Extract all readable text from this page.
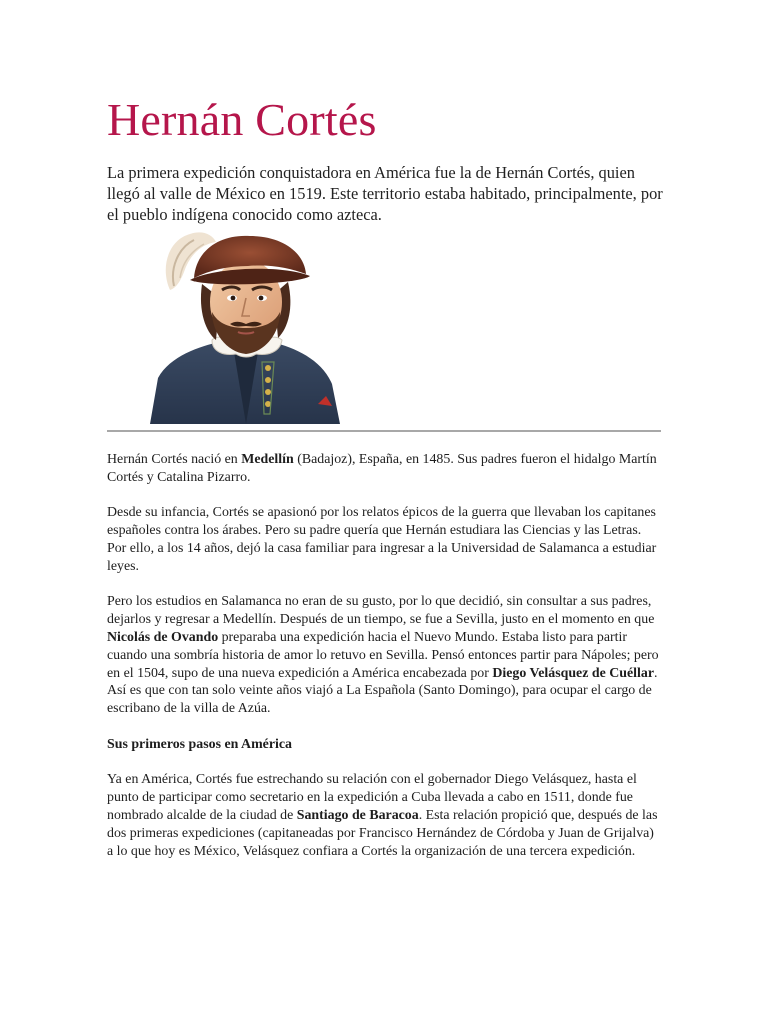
Hernán Cortés

La primera expedición conquistadora en América fue la de Hernán Cortés, quien llegó al valle de México en 1519. Este territorio estaba habitado, principalmente, por el pueblo indígena conocido como azteca.

Hernán Cortés nació en Medellín (Badajoz), España, en 1485. Sus padres fueron el hidalgo Martín Cortés y Catalina Pizarro.

Desde su infancia, Cortés se apasionó por los relatos épicos de la guerra que llevaban los capitanes españoles contra los árabes. Pero su padre quería que Hernán estudiara las Ciencias y las Letras. Por ello, a los 14 años, dejó la casa familiar para ingresar a la Universidad de Salamanca a estudiar leyes.

Pero los estudios en Salamanca no eran de su gusto, por lo que decidió, sin consultar a sus padres, dejarlos y regresar a Medellín. Después de un tiempo, se fue a Sevilla, justo en el momento en que Nicolás de Ovando preparaba una expedición hacia el Nuevo Mundo. Estaba listo para partir cuando una sombría historia de amor lo retuvo en Sevilla. Pensó entonces partir para Nápoles; pero en el 1504, supo de una nueva expedición a América encabezada por Diego Velásquez de Cuéllar. Así es que con tan solo veinte años viajó a La Española (Santo Domingo), para ocupar el cargo de escribano de la villa de Azúa.

Sus primeros pasos en América

Ya en América, Cortés fue estrechando su relación con el gobernador Diego Velásquez, hasta el punto de participar como secretario en la expedición a Cuba llevada a cabo en 1511, donde fue nombrado alcalde de la ciudad de Santiago de Baracoa. Esta relación propició que, después de las dos primeras expediciones (capitaneadas por Francisco Hernández de Córdoba y Juan de Grijalva) a lo que hoy es México, Velásquez confiara a Cortés la organización de una tercera expedición.
